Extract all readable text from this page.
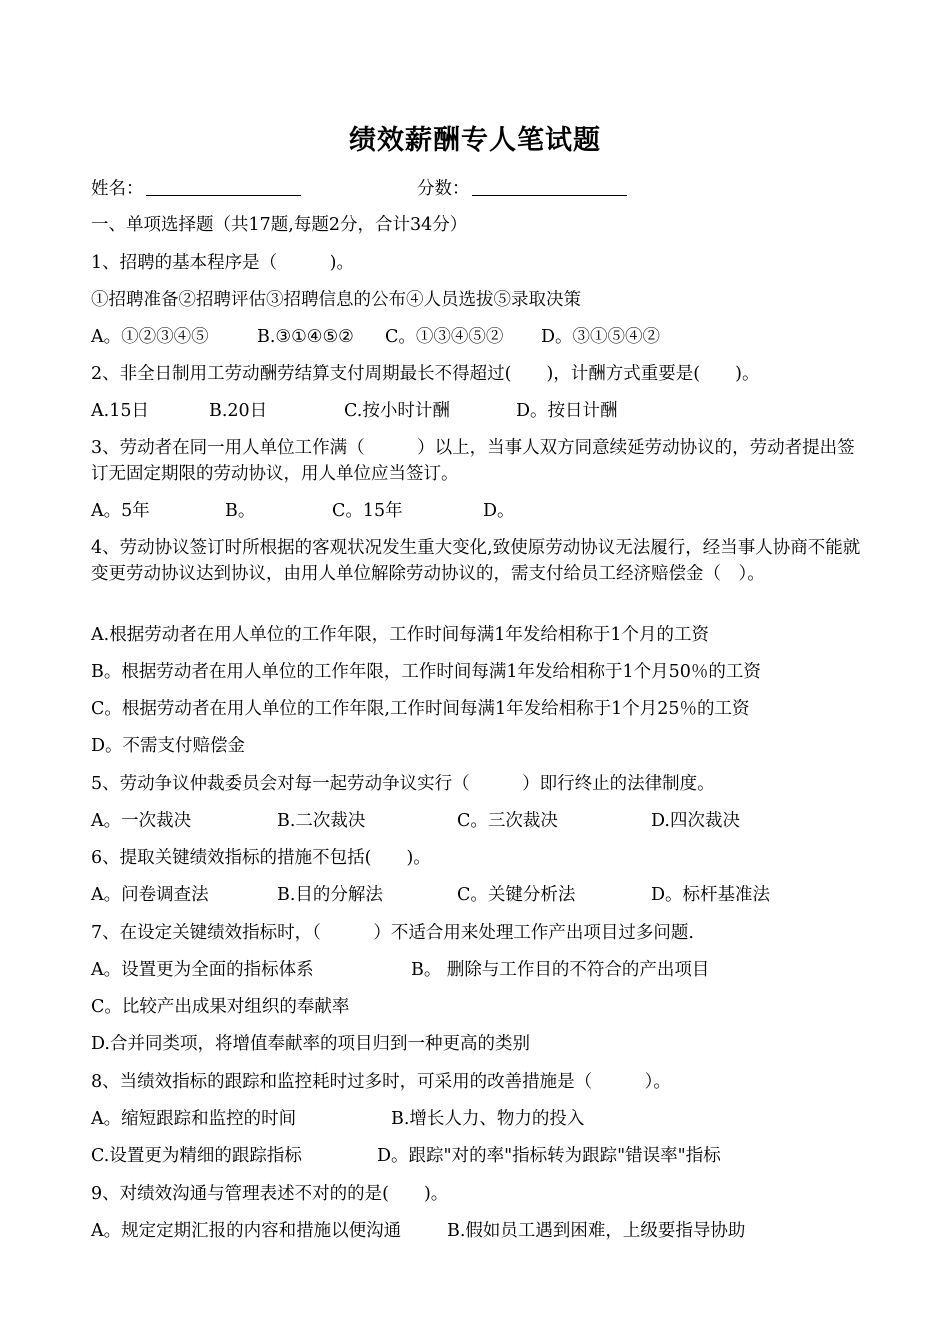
绩效薪酬专人笔试题
姓名：	分数：
一、单项选择题（共17题,每题2分，合计34分）
1、招聘的基本程序是（　　　)。
①招聘准备②招聘评估③招聘信息的公布④人员选拔⑤录取决策
A。①②③④⑤	B.③①④⑤② C。①③④⑤② D。③①⑤④②
2、非全日制用工劳动酬劳结算支付周期最长不得超过(　　)，计酬方式重要是(　　)。
A.15日	B.20日	C.按小时计酬	D。按日计酬
3、劳动者在同一用人单位工作满（　　　）以上，当事人双方同意续延劳动协议的，劳动者提出签订无固定期限的劳动协议，用人单位应当签订。
A。5年	B。	C。15年	D。
4、劳动协议签订时所根据的客观状况发生重大变化,致使原劳动协议无法履行，经当事人协商不能就变更劳动协议达到协议，由用人单位解除劳动协议的，需支付给员工经济赔偿金（　）。
A.根据劳动者在用人单位的工作年限，工作时间每满1年发给相称于1个月的工资
B。根据劳动者在用人单位的工作年限，工作时间每满1年发给相称于1个月50％的工资
C。根据劳动者在用人单位的工作年限,工作时间每满1年发给相称于1个月25％的工资
D。不需支付赔偿金
5、劳动争议仲裁委员会对每一起劳动争议实行（　　　）即行终止的法律制度。
A。一次裁决	B.二次裁决	C。三次裁决	D.四次裁决
6、提取关键绩效指标的措施不包括(　　)。
A。问卷调查法	B.目的分解法	C。关键分析法	D。标杆基准法
7、在设定关键绩效指标时，（　　　）不适合用来处理工作产出项目过多问题.
A。设置更为全面的指标体系	B。 删除与工作目的不符合的产出项目
C。比较产出成果对组织的奉献率
D.合并同类项，将增值奉献率的项目归到一种更高的类别
8、当绩效指标的跟踪和监控耗时过多时，可采用的改善措施是（　　　）。
A。缩短跟踪和监控的时间	B.增长人力、物力的投入
C.设置更为精细的跟踪指标	D。跟踪"对的率"指标转为跟踪"错误率"指标
9、对绩效沟通与管理表述不对的的是(　　)。
A。规定定期汇报的内容和措施以便沟通	B.假如员工遇到困难，上级要指导协助
